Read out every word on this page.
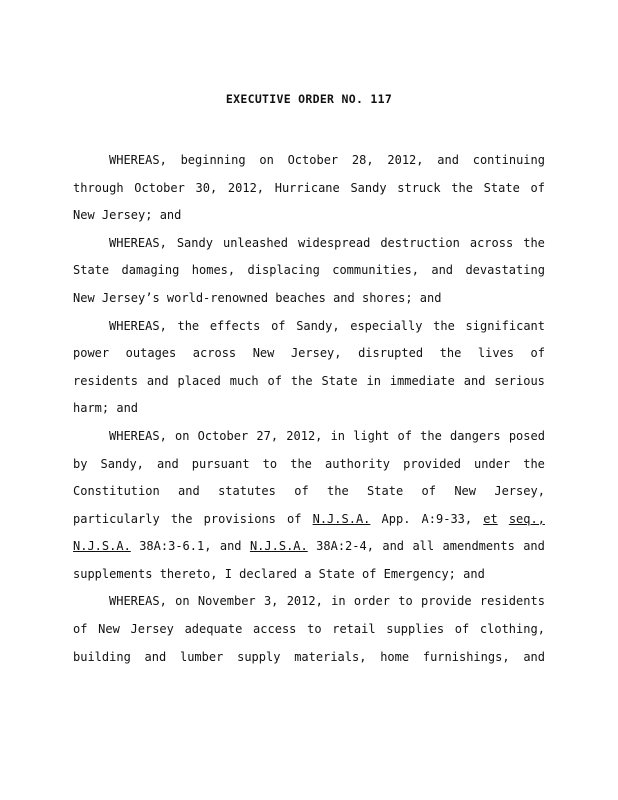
EXECUTIVE ORDER NO. 117
WHEREAS, beginning on October 28, 2012, and continuing
through October 30, 2012, Hurricane Sandy struck the State of
New Jersey; and
WHEREAS, Sandy unleashed widespread destruction across the
State damaging homes, displacing communities, and devastating
New Jersey’s world-renowned beaches and shores; and
WHEREAS, the effects of Sandy, especially the significant
power outages across New Jersey, disrupted the lives of
residents and placed much of the State in immediate and serious
harm; and
WHEREAS, on October 27, 2012, in light of the dangers posed
by Sandy, and pursuant to the authority provided under the
Constitution and statutes of the State of New Jersey,
particularly the provisions of N.J.S.A. App. A:9-33, et seq.,
N.J.S.A. 38A:3-6.1, and N.J.S.A. 38A:2-4, and all amendments and
supplements thereto, I declared a State of Emergency; and
WHEREAS, on November 3, 2012, in order to provide residents
of New Jersey adequate access to retail supplies of clothing,
building and lumber supply materials, home furnishings, and
